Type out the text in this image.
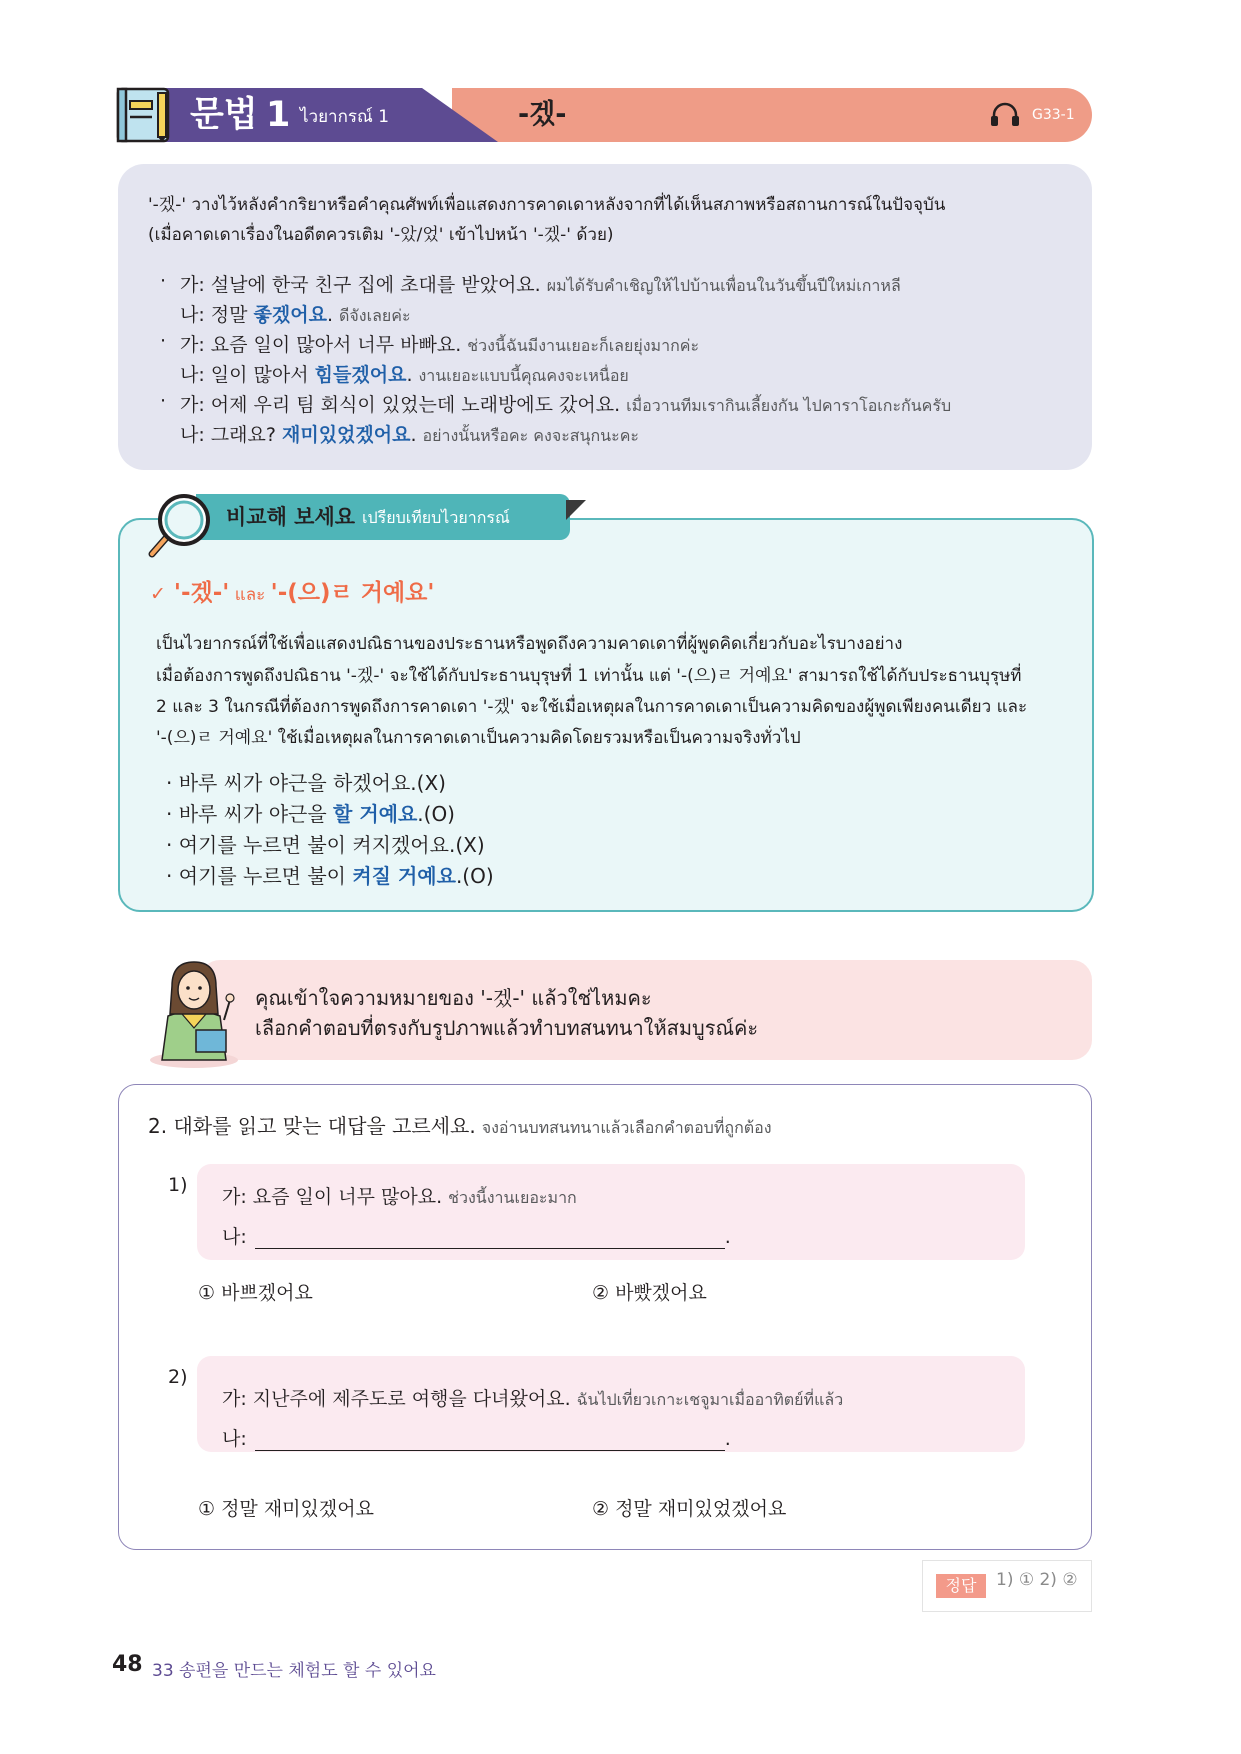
문법 1 ไวยากรณ์ 1	-겠-	G33-1
'-겠-' วางไว้หลังคำกริยาหรือคำคุณศัพท์เพื่อแสดงการคาดเดาหลังจากที่ได้เห็นสภาพหรือสถานการณ์ในปัจจุบัน
(เมื่อคาดเดาเรื่องในอดีตควรเติม '-았/었' เข้าไปหน้า '-겠-' ด้วย)
· 가: 설날에 한국 친구 집에 초대를 받았어요. ผมได้รับคำเชิญให้ไปบ้านเพื่อนในวันขึ้นปีใหม่เกาหลี
나: 정말 좋겠어요. ดีจังเลยค่ะ
· 가: 요즘 일이 많아서 너무 바빠요. ช่วงนี้ฉันมีงานเยอะก็เลยยุ่งมากค่ะ
나: 일이 많아서 힘들겠어요. งานเยอะแบบนี้คุณคงจะเหนื่อย
· 가: 어제 우리 팀 회식이 있었는데 노래방에도 갔어요. เมื่อวานทีมเรากินเลี้ยงกัน ไปคาราโอเกะกันครับ
나: 그래요? 재미있었겠어요. อย่างนั้นหรือคะ คงจะสนุกนะคะ
비교해 보세요 เปรียบเทียบไวยากรณ์
✓ '-겠-' และ '-(으)ㄹ 거예요'
เป็นไวยากรณ์ที่ใช้เพื่อแสดงปณิธานของประธานหรือพูดถึงความคาดเดาที่ผู้พูดคิดเกี่ยวกับอะไรบางอย่าง
เมื่อต้องการพูดถึงปณิธาน '-겠-' จะใช้ได้กับประธานบุรุษที่ 1 เท่านั้น แต่ '-(으)ㄹ 거예요' สามารถใช้ได้กับประธานบุรุษที่
2 และ 3 ในกรณีที่ต้องการพูดถึงการคาดเดา '-겠' จะใช้เมื่อเหตุผลในการคาดเดาเป็นความคิดของผู้พูดเพียงคนเดียว และ
'-(으)ㄹ 거예요' ใช้เมื่อเหตุผลในการคาดเดาเป็นความคิดโดยรวมหรือเป็นความจริงทั่วไป
· 바루 씨가 야근을 하겠어요.(X)
· 바루 씨가 야근을 할 거예요.(O)
· 여기를 누르면 불이 켜지겠어요.(X)
· 여기를 누르면 불이 켜질 거예요.(O)
คุณเข้าใจความหมายของ '-겠-' แล้วใช่ไหมคะ
เลือกคำตอบที่ตรงกับรูปภาพแล้วทำบทสนทนาให้สมบูรณ์ค่ะ
2. 대화를 읽고 맞는 대답을 고르세요. จงอ่านบทสนทนาแล้วเลือกคำตอบที่ถูกต้อง
1)
가: 요즘 일이 너무 많아요. ช่วงนี้งานเยอะมาก
나:	.
① 바쁘겠어요	② 바빴겠어요
2)
가: 지난주에 제주도로 여행을 다녀왔어요. ฉันไปเที่ยวเกาะเชจูมาเมื่ออาทิตย์ที่แล้ว
나:	.
① 정말 재미있겠어요	② 정말 재미있었겠어요
정답	1) ① 2) ②
48 33 송편을 만드는 체험도 할 수 있어요
